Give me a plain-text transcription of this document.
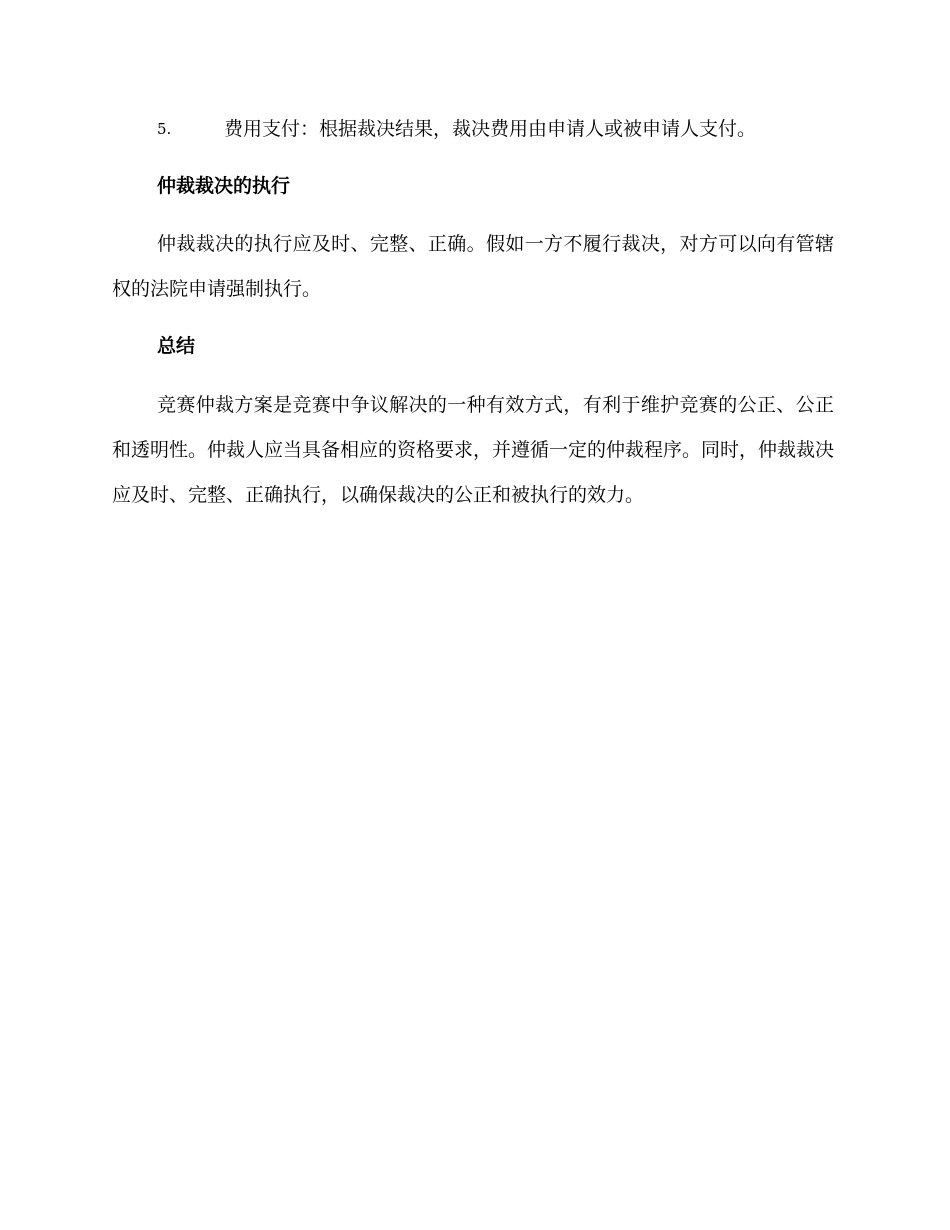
5.	费用支付：根据裁决结果，裁决费用由申请人或被申请人支付。
仲裁裁决的执行

仲裁裁决的执行应及时、完整、正确。假如一方不履行裁决，对方可以向有管辖权的法院申请强制执行。

总结

竞赛仲裁方案是竞赛中争议解决的一种有效方式，有利于维护竞赛的公正、公正和透明性。仲裁人应当具备相应的资格要求，并遵循一定的仲裁程序。同时，仲裁裁决应及时、完整、正确执行，以确保裁决的公正和被执行的效力。
